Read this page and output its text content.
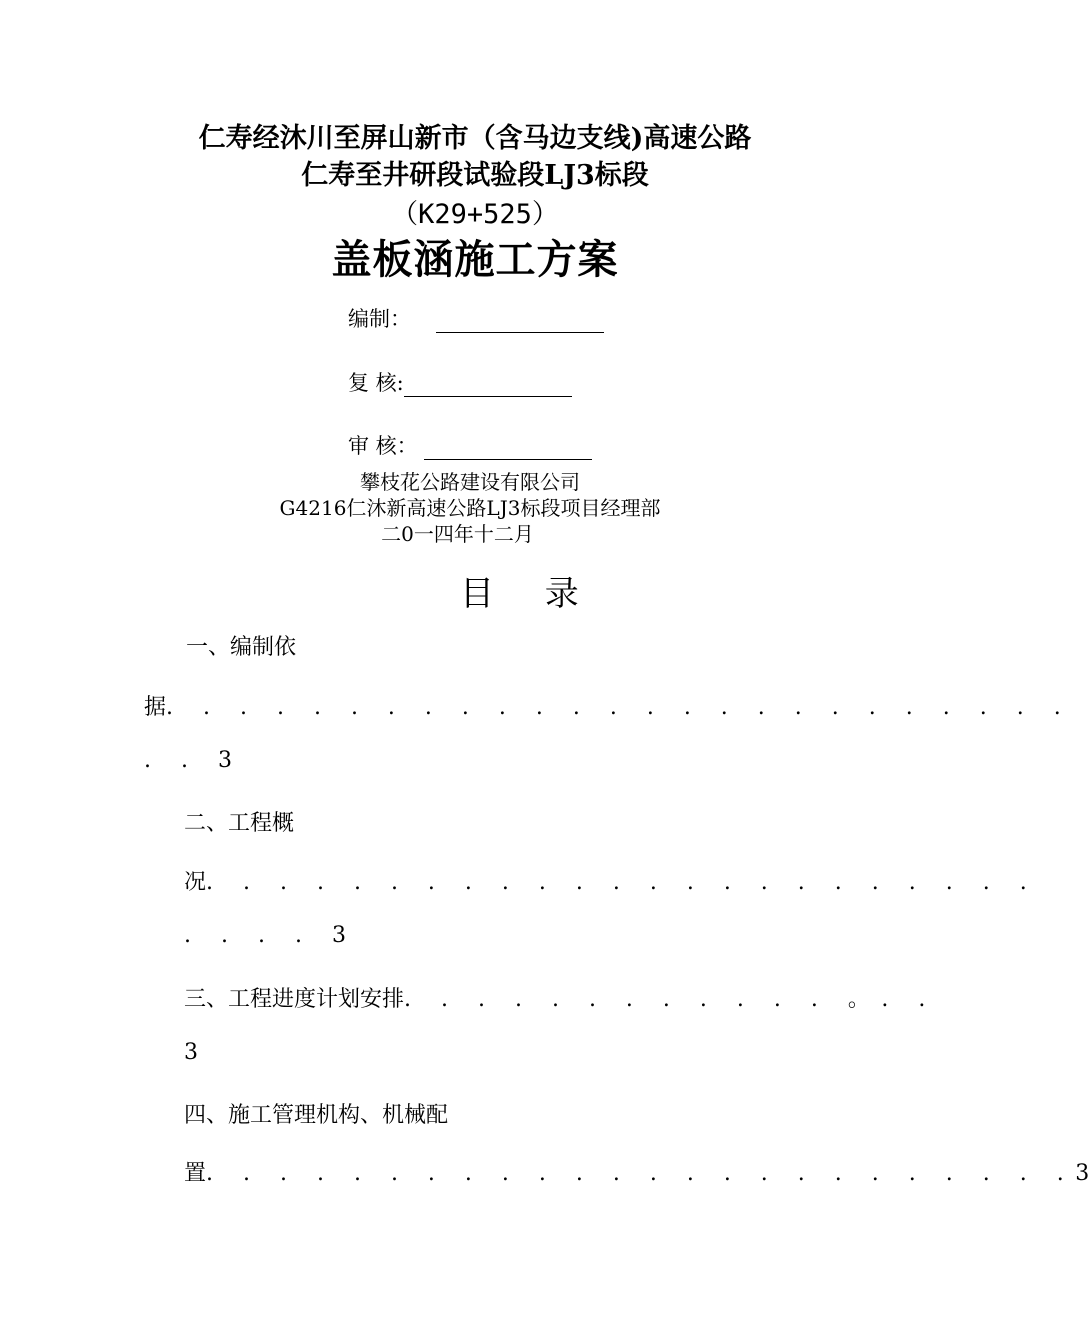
仁寿经沐川至屏山新市（含马边支线)高速公路
仁寿至井研段试验段LJ3标段
（K29+525）
盖板涵施工方案
编制：
复 核:
审 核：
攀枝花公路建设有限公司
G4216仁沐新高速公路LJ3标段项目经理部
二0一四年十二月
目 录
一、编制依
据. . . . . . . . . . . . . . . . . . . . . . . . .
. . 3
二、工程概
况. . . . . . . . . . . . . . . . . . . . . . .
. . . . 3
三、工程进度计划安排. . . . . . . . . . . . 。. .
3
四、施工管理机构、机械配
置. . . . . . . . . . . . . . . . . . . . . . . .3
